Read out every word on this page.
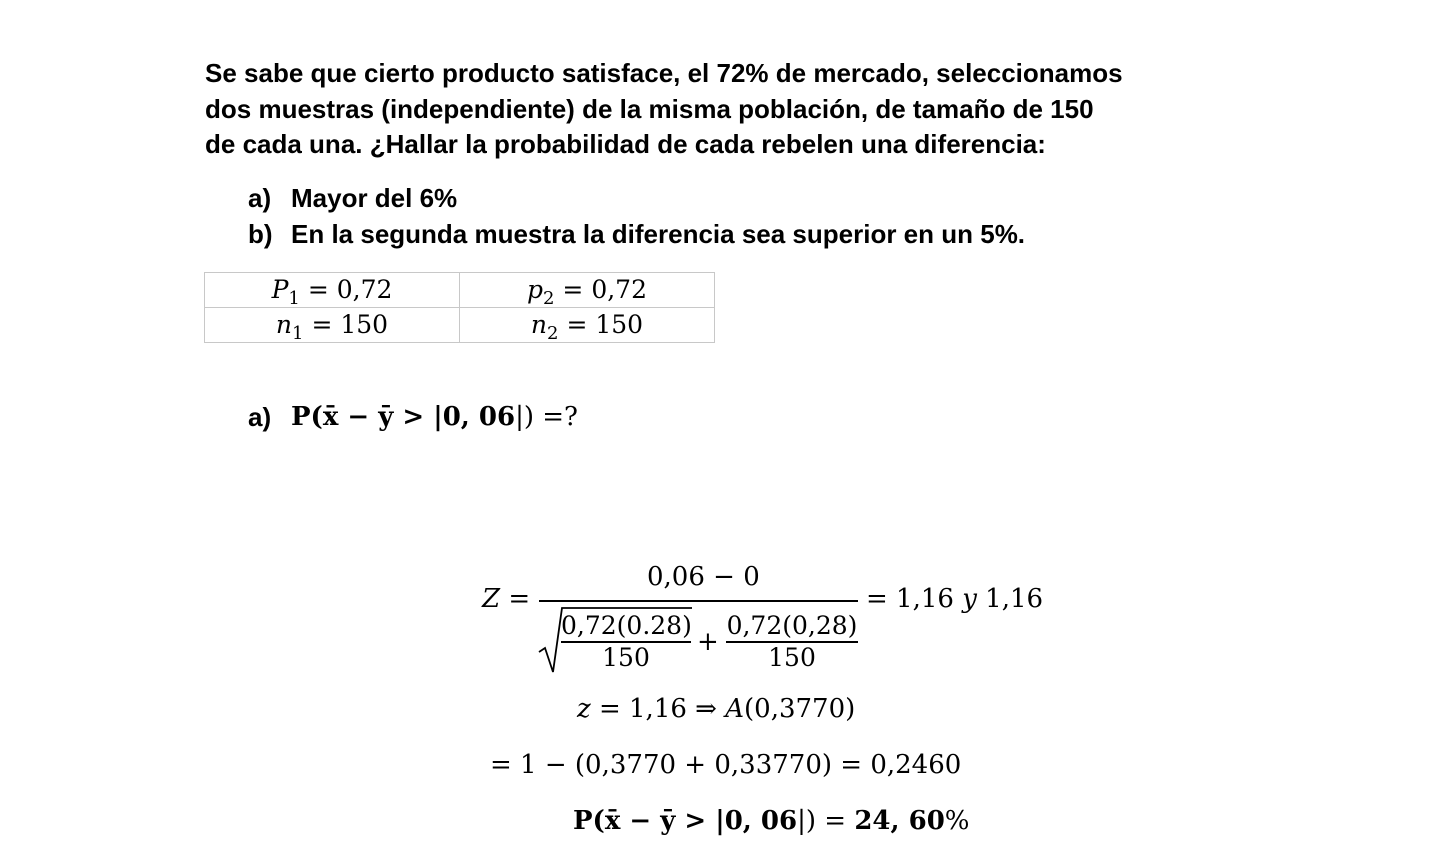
Se sabe que cierto producto satisface, el 72% de mercado, seleccionamos

dos muestras (independiente) de la misma población, de tamaño de 150

de cada una. ¿Hallar la probabilidad de cada rebelen una diferencia:

a) Mayor del 6%
b) En la segunda muestra la diferencia sea superior en un 5%.
$P_1 = 0,72$	$p_2 = 0,72$
$n_1 = 150$	$n_2 = 150$
a) P(x̄ − ȳ > |0, 06|) =?
Z =
0,06 − 0
= 1,16 y 1,16
0,72(0.28)
150	+
0,72(0,28)
150
z = 1,16 ⇒ A(0,3770)
= 1 − (0,3770 + 0,33770) = 0,2460
P(x̄ − ȳ > |0, 06|) = 24, 60%
